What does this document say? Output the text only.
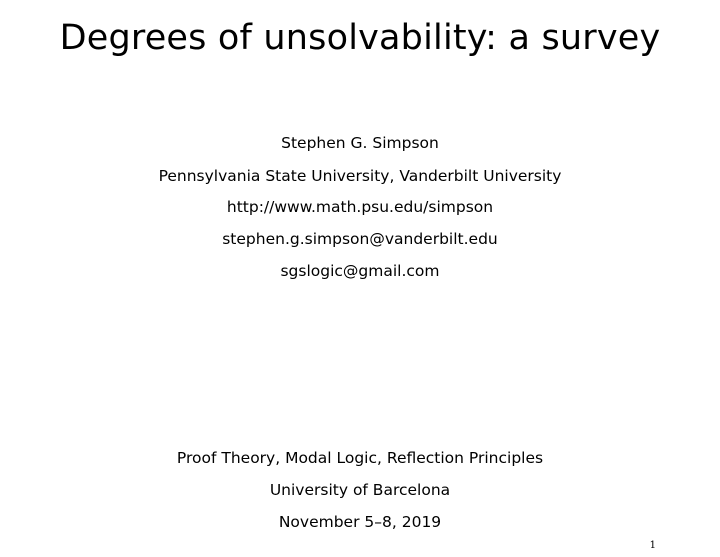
Degrees of unsolvability: a survey
Stephen G. Simpson
Pennsylvania State University, Vanderbilt University
http://www.math.psu.edu/simpson
stephen.g.simpson@vanderbilt.edu
sgslogic@gmail.com
Proof Theory, Modal Logic, Reflection Principles
University of Barcelona
November 5–8, 2019
1
